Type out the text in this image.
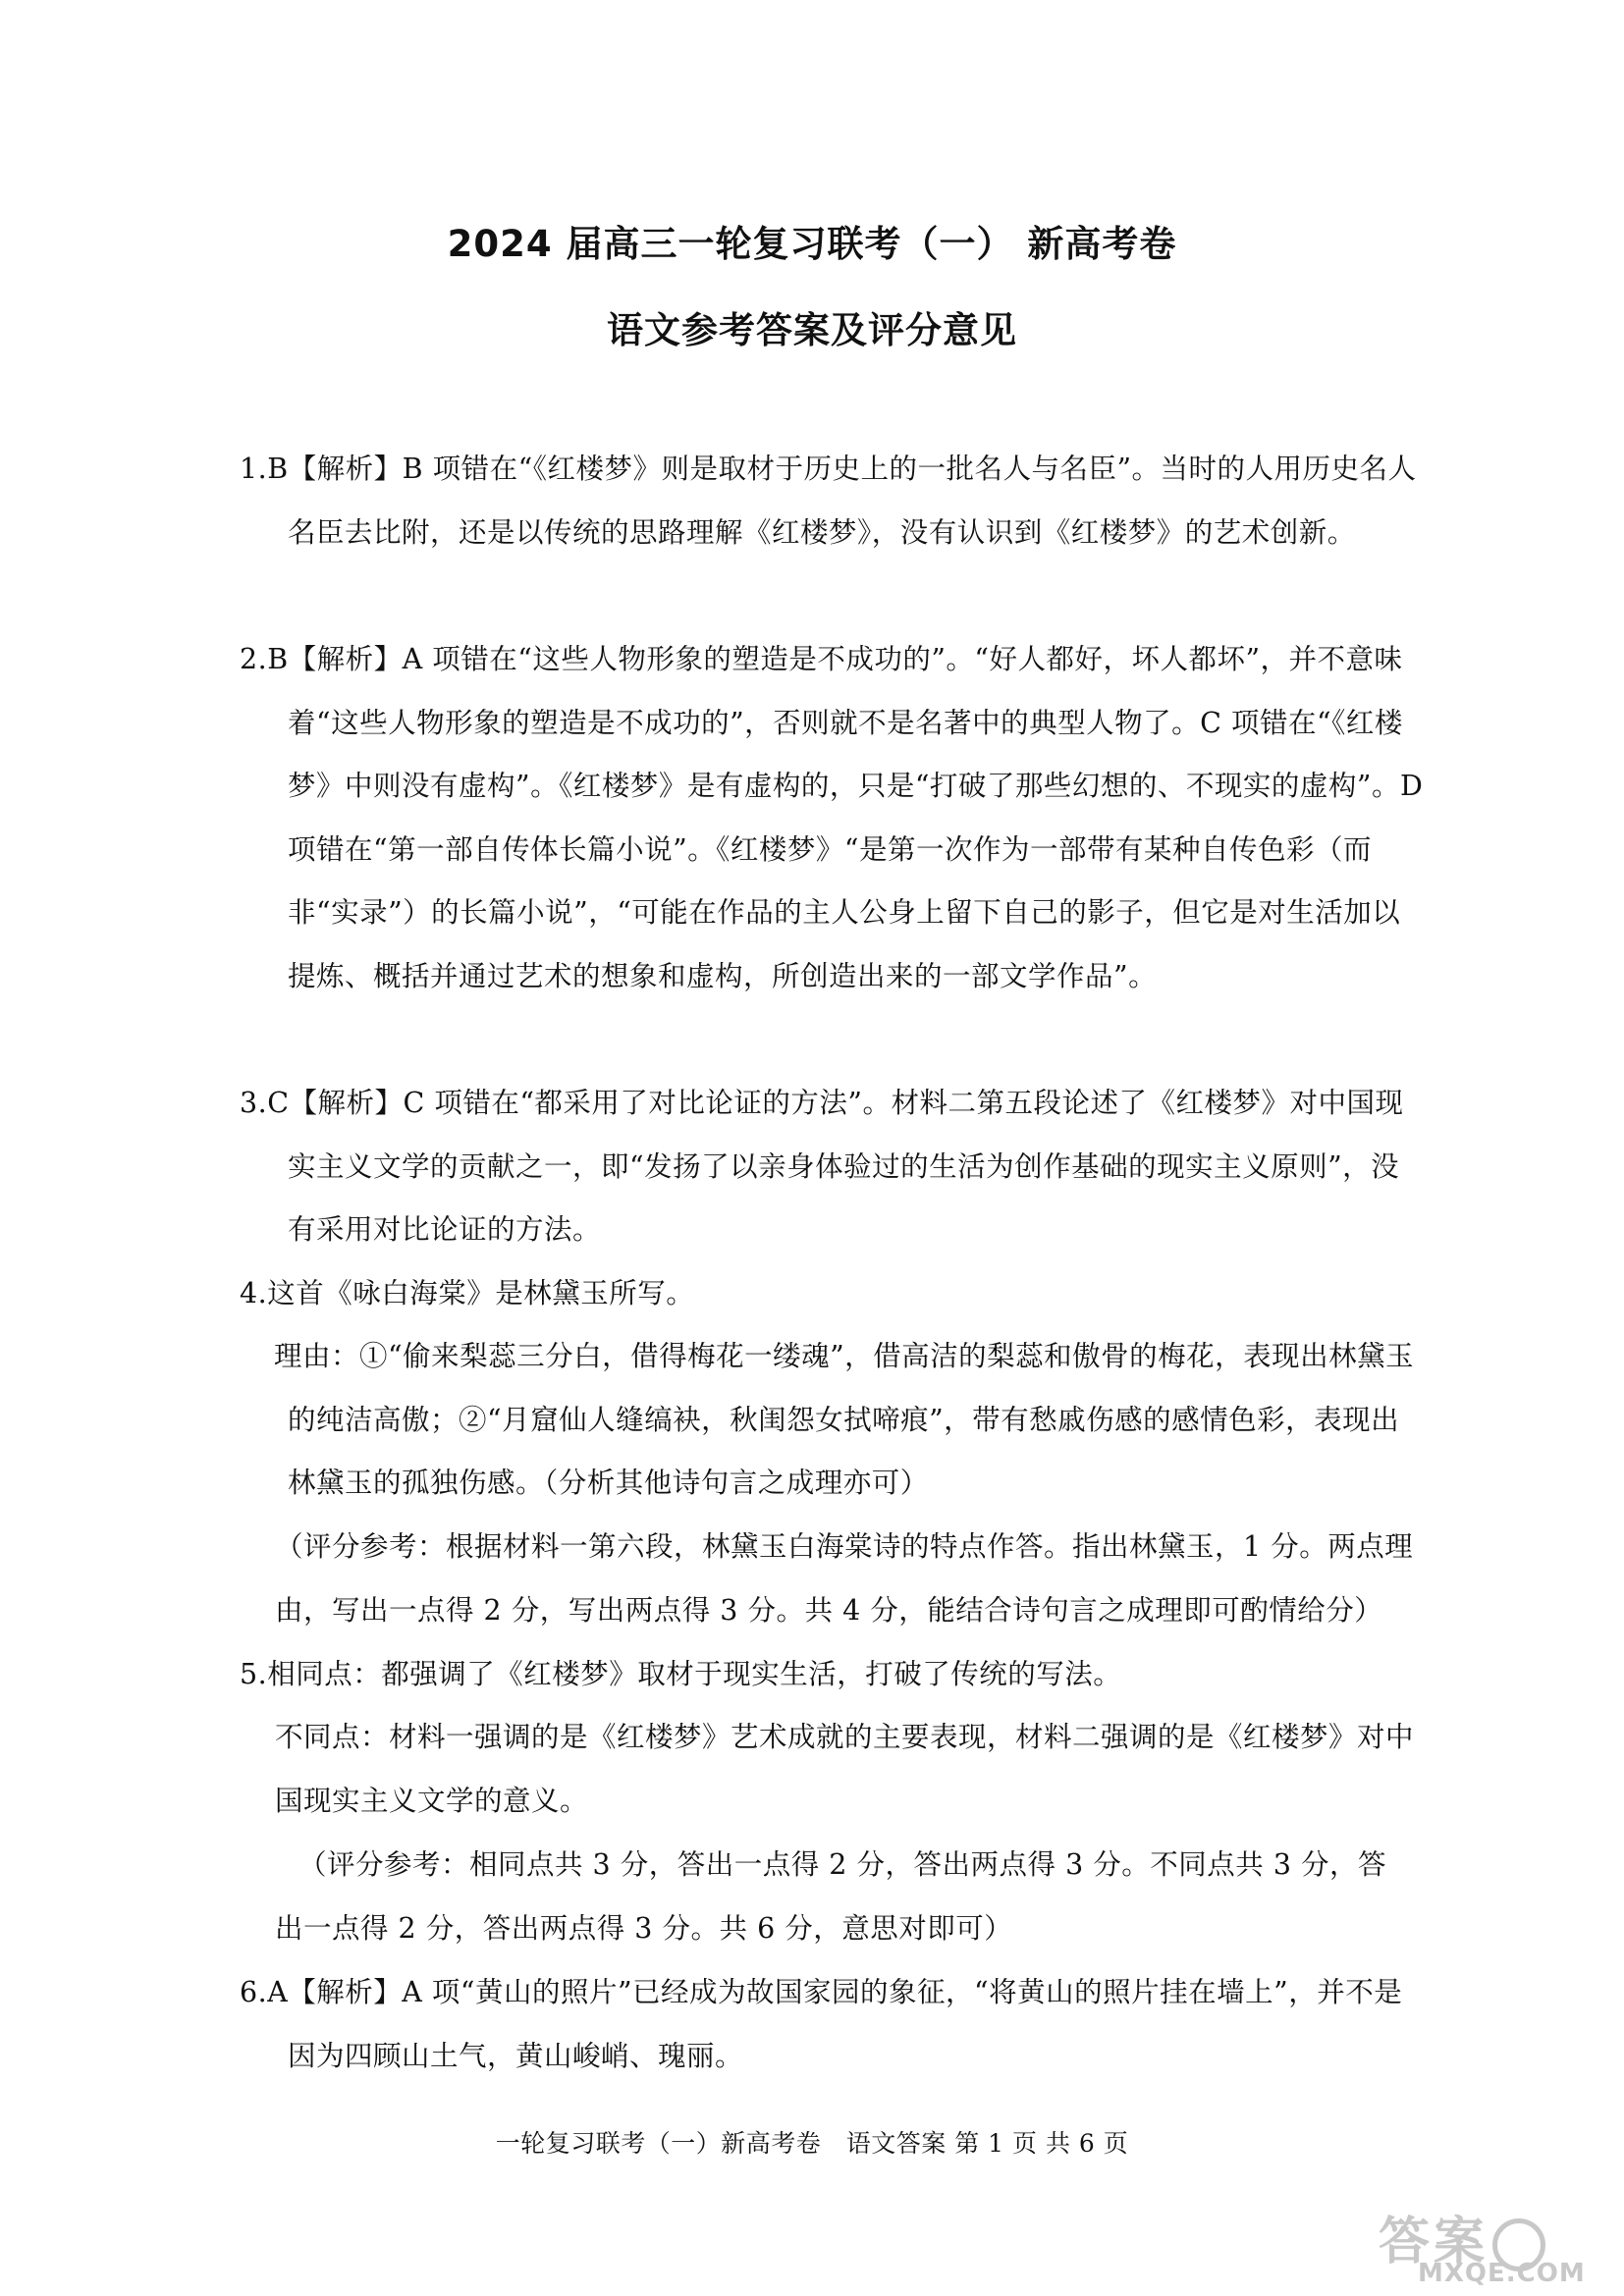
2024 届高三一轮复习联考（一） 新高考卷
语文参考答案及评分意见

1.B【解析】B 项错在“《红楼梦》则是取材于历史上的一批名人与名臣”。当时的人用历史名人名臣去比附，还是以传统的思路理解《红楼梦》，没有认识到《红楼梦》的艺术创新。

2.B【解析】A 项错在“这些人物形象的塑造是不成功的”。“好人都好，坏人都坏”，并不意味着“这些人物形象的塑造是不成功的”，否则就不是名著中的典型人物了。C 项错在“《红楼梦》中则没有虚构”。《红楼梦》是有虚构的，只是“打破了那些幻想的、不现实的虚构”。D 项错在“第一部自传体长篇小说”。《红楼梦》“是第一次作为一部带有某种自传色彩（而非“实录”）的长篇小说”，“可能在作品的主人公身上留下自己的影子，但它是对生活加以提炼、概括并通过艺术的想象和虚构，所创造出来的一部文学作品”。

3.C【解析】C 项错在“都采用了对比论证的方法”。材料二第五段论述了《红楼梦》对中国现实主义文学的贡献之一，即“发扬了以亲身体验过的生活为创作基础的现实主义原则”，没有采用对比论证的方法。

4.这首《咏白海棠》是林黛玉所写。

理由：①“偷来梨蕊三分白，借得梅花一缕魂”，借高洁的梨蕊和傲骨的梅花，表现出林黛玉的纯洁高傲；②“月窟仙人缝缟袂，秋闺怨女拭啼痕”，带有愁戚伤感的感情色彩，表现出林黛玉的孤独伤感。（分析其他诗句言之成理亦可）

（评分参考：根据材料一第六段，林黛玉白海棠诗的特点作答。指出林黛玉，1 分。两点理由，写出一点得 2 分，写出两点得 3 分。共 4 分，能结合诗句言之成理即可酌情给分）

5.相同点：都强调了《红楼梦》取材于现实生活，打破了传统的写法。

不同点：材料一强调的是《红楼梦》艺术成就的主要表现，材料二强调的是《红楼梦》对中国现实主义文学的意义。

（评分参考：相同点共 3 分，答出一点得 2 分，答出两点得 3 分。不同点共 3 分，答出一点得 2 分，答出两点得 3 分。共 6 分，意思对即可）

6.A【解析】A 项“黄山的照片”已经成为故国家园的象征，“将黄山的照片挂在墙上”，并不是因为四顾山土气，黄山峻峭、瑰丽。

一轮复习联考（一）新高考卷　语文答案 第 1 页 共 6 页
答案
MXQE.COM
